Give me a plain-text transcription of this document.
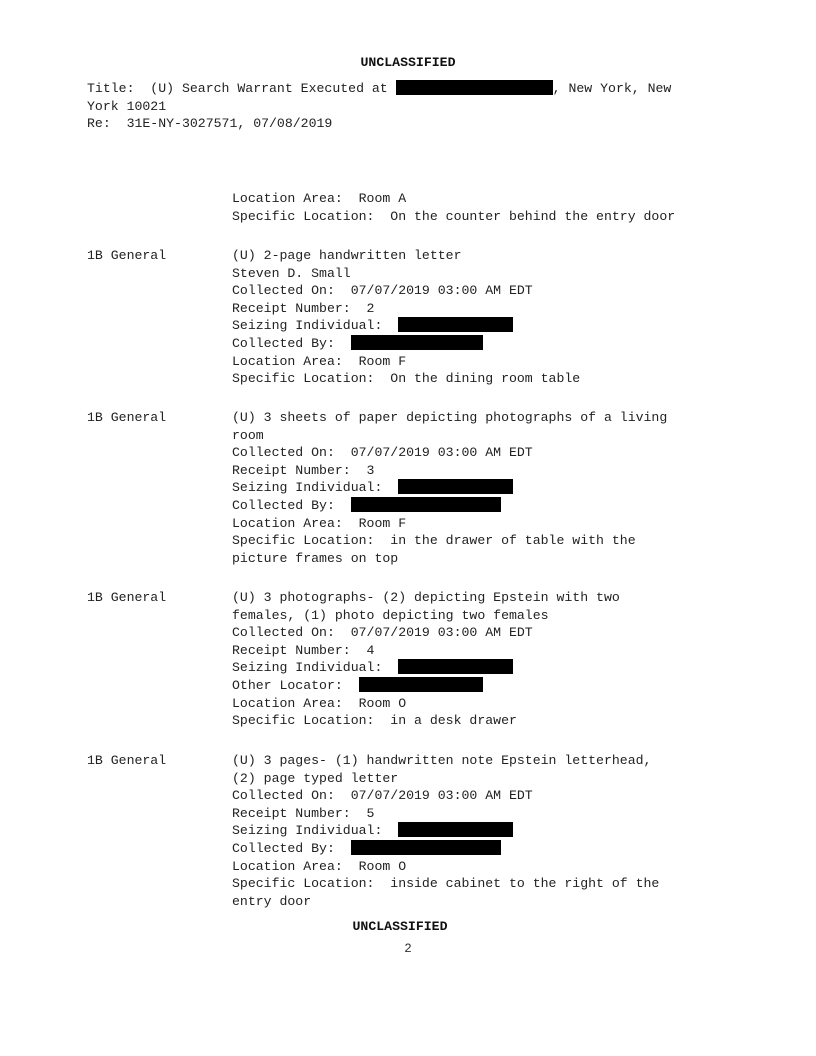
UNCLASSIFIED
Title:  (U) Search Warrant Executed at	, New York, New
York 10021
Re:  31E-NY-3027571, 07/08/2019
Location Area:  Room A
Specific Location:  On the counter behind the entry door
1B General	(U) 2-page handwritten letter
Steven D. Small
Collected On:  07/07/2019 03:00 AM EDT
Receipt Number:  2
Seizing Individual:
Collected By:
Location Area:  Room F
Specific Location:  On the dining room table
1B General	(U) 3 sheets of paper depicting photographs of a living
room
Collected On:  07/07/2019 03:00 AM EDT
Receipt Number:  3
Seizing Individual:
Collected By:
Location Area:  Room F
Specific Location:  in the drawer of table with the
picture frames on top
1B General	(U) 3 photographs- (2) depicting Epstein with two
females, (1) photo depicting two females
Collected On:  07/07/2019 03:00 AM EDT
Receipt Number:  4
Seizing Individual:
Other Locator:
Location Area:  Room O
Specific Location:  in a desk drawer
1B General	(U) 3 pages- (1) handwritten note Epstein letterhead,
(2) page typed letter
Collected On:  07/07/2019 03:00 AM EDT
Receipt Number:  5
Seizing Individual:
Collected By:
Location Area:  Room O
Specific Location:  inside cabinet to the right of the
entry door
UNCLASSIFIED
2
